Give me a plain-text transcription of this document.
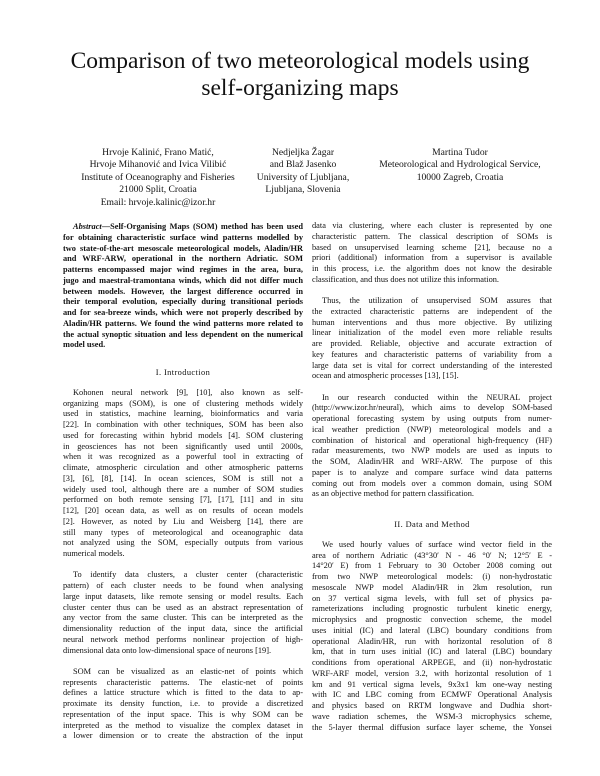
Comparison of two meteorological models using
self-organizing maps
Hrvoje Kalinić, Frano Matić,
Hrvoje Mihanović and Ivica Vilibić
Institute of Oceanography and Fisheries
21000 Split, Croatia
Email: hrvoje.kalinic@izor.hr
Nedjeljka Žagar
and Blaž Jasenko
University of Ljubljana,
Ljubljana, Slovenia
Martina Tudor
Meteorological and Hydrological Service,
10000 Zagreb, Croatia
Abstract—Self-Organising Maps (SOM) method has been used
for obtaining characteristic surface wind patterns modelled by
two state-of-the-art mesoscale meteorological models, Aladin/HR
and WRF-ARW, operational in the northern Adriatic. SOM
patterns encompassed major wind regimes in the area, bura,
jugo and maestral-tramontana winds, which did not differ much
between models. However, the largest difference occurred in
their temporal evolution, especially during transitional periods
and for sea-breeze winds, which were not properly described by
Aladin/HR patterns. We found the wind patterns more related to
the actual synoptic situation and less dependent on the numerical
model used.
I. Introduction
Kohonen neural network [9], [10], also known as self-
organizing maps (SOM), is one of clustering methods widely
used in statistics, machine learning, bioinformatics and varia
[22]. In combination with other techniques, SOM has been also
used for forecasting within hybrid models [4]. SOM clustering
in geosciences has not been significantly used until 2000s,
when it was recognized as a powerful tool in extracting of
climate, atmospheric circulation and other atmospheric patterns
[3], [6], [8], [14]. In ocean sciences, SOM is still not a
widely used tool, although there are a number of SOM studies
performed on both remote sensing [7], [17], [11] and in situ
[12], [20] ocean data, as well as on results of ocean models
[2]. However, as noted by Liu and Weisberg [14], there are
still many types of meteorological and oceanographic data
not analyzed using the SOM, especially outputs from various
numerical models.
To identify data clusters, a cluster center (characteristic
pattern) of each cluster needs to be found when analysing
large input datasets, like remote sensing or model results. Each
cluster center thus can be used as an abstract representation of
any vector from the same cluster. This can be interpreted as the
dimensionality reduction of the input data, since the artificial
neural network method performs nonlinear projection of high-
dimensional data onto low-dimensional space of neurons [19].
SOM can be visualized as an elastic-net of points which
represents characteristic patterns. The elastic-net of points
defines a lattice structure which is fitted to the data to ap-
proximate its density function, i.e. to provide a discretized
representation of the input space. This is why SOM can be
interpreted as the method to visualize the complex dataset in
a lower dimension or to create the abstraction of the input
data via clustering, where each cluster is represented by one
characteristic pattern. The classical description of SOMs is
based on unsupervised learning scheme [21], because no a
priori (additional) information from a supervisor is available
in this process, i.e. the algorithm does not know the desirable
classification, and thus does not utilize this information.
Thus, the utilization of unsupervised SOM assures that
the extracted characteristic patterns are independent of the
human interventions and thus more objective. By utilizing
linear initialization of the model even more reliable results
are provided. Reliable, objective and accurate extraction of
key features and characteristic patterns of variability from a
large data set is vital for correct understanding of the interested
ocean and atmospheric processes [13], [15].
In our research conducted within the NEURAL project
(http://www.izor.hr/neural), which aims to develop SOM-based
operational forecasting system by using outputs from numer-
ical weather prediction (NWP) meteorological models and a
combination of historical and operational high-frequency (HF)
radar measurements, two NWP models are used as inputs to
the SOM, Aladin/HR and WRF-ARW. The purpose of this
paper is to analyze and compare surface wind data patterns
coming out from models over a common domain, using SOM
as an objective method for pattern classification.
II. Data and Method
We used hourly values of surface wind vector field in the
area of northern Adriatic (43°30′ N - 46 °0′ N; 12°5′ E -
14°20′ E) from 1 February to 30 October 2008 coming out
from two NWP meteorological models: (i) non-hydrostatic
mesoscale NWP model Aladin/HR in 2km resolution, run
on 37 vertical sigma levels, with full set of physics pa-
rameterizations including prognostic turbulent kinetic energy,
microphysics and prognostic convection scheme, the model
uses initial (IC) and lateral (LBC) boundary conditions from
operational Aladin/HR, run with horizontal resolution of 8
km, that in turn uses initial (IC) and lateral (LBC) boundary
conditions from operational ARPEGE, and (ii) non-hydrostatic
WRF-ARF model, version 3.2, with horizontal resolution of 1
km and 91 vertical sigma levels, 9x3x1 km one-way nesting
with IC and LBC coming from ECMWF Operational Analysis
and physics based on RRTM longwave and Dudhia short-
wave radiation schemes, the WSM-3 microphysics scheme,
the 5-layer thermal diffusion surface layer scheme, the Yonsei
